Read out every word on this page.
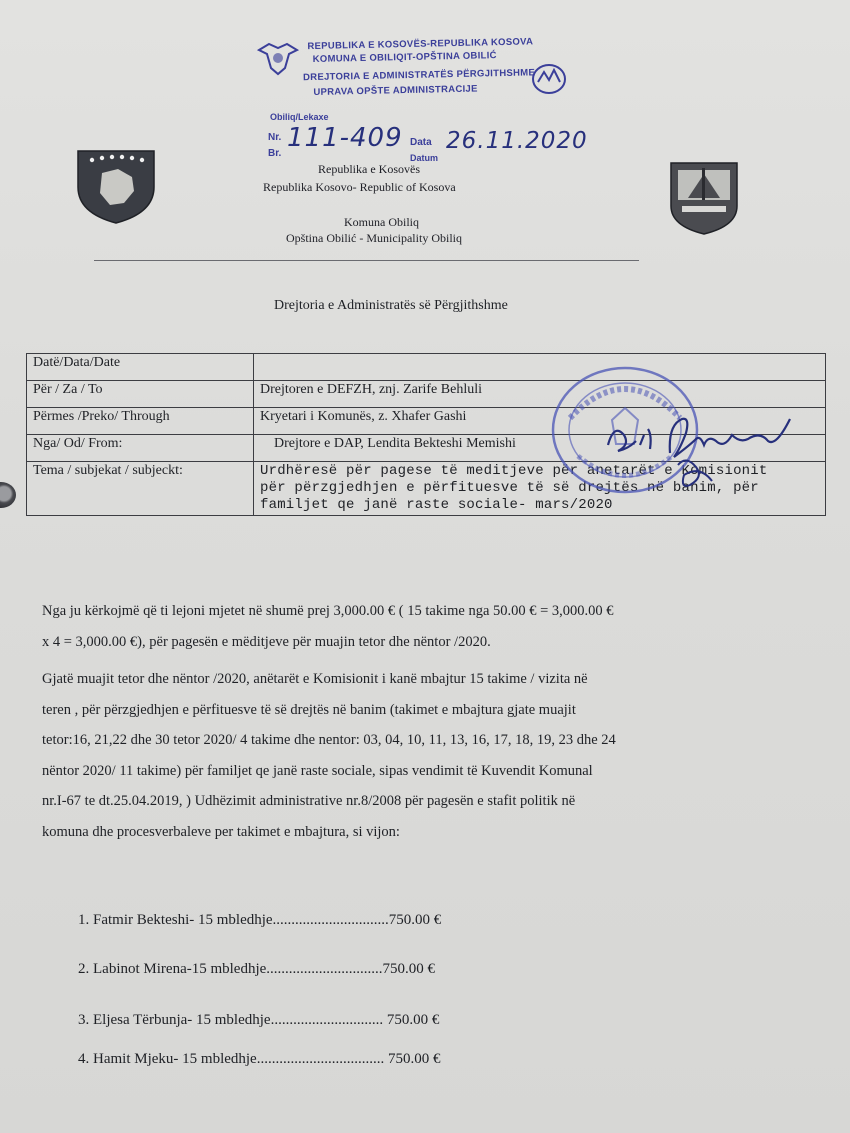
REPUBLIKA E KOSOVËS-REPUBLIKA KOSOVA
KOMUNA E OBILIQIT-OPŠTINA OBILIĆ
DREJTORIA E ADMINISTRATËS PËRGJITHSHME
UPRAVA OPŠTE ADMINISTRACIJE
Obiliq/Lekaxe
Nr.
Br.
111-409 Data
Datum
26.11.2020
Republika e Kosovës
Republika Kosovo- Republic of Kosova
Komuna Obiliq
Opština Obilić - Municipality Obiliq
Drejtoria e Administratës së Përgjithshme
Datë/Data/Date	
Për / Za / To	Drejtoren e DEFZH, znj. Zarife Behluli
Përmes /Preko/ Through	Kryetari i Komunës, z. Xhafer Gashi
Nga/ Od/ From:	Drejtore e DAP, Lendita Bekteshi Memishi
Tema / subjekat / subjeckt:	Urdhëresë për pagese të meditjeve për anetarët e Komisionit
për përzgjedhjen e përfituesve të së drejtës në banim, për
familjet qe janë raste sociale- mars/2020
Nga ju kërkojmë që ti lejoni mjetet në shumë prej 3,000.00 € ( 15 takime nga 50.00 € = 3,000.00 €
x 4 = 3,000.00 €), për pagesën e mëditjeve për muajin tetor dhe nëntor /2020.
Gjatë muajit tetor dhe nëntor /2020, anëtarët e Komisionit i kanë mbajtur 15 takime / vizita në
teren , për përzgjedhjen e përfituesve të së drejtës në banim (takimet e mbajtura gjate muajit
tetor:16, 21,22 dhe 30 tetor 2020/ 4 takime dhe nentor: 03, 04, 10, 11, 13, 16, 17, 18, 19, 23 dhe 24
nëntor 2020/ 11 takime) për familjet qe janë raste sociale, sipas vendimit të Kuvendit Komunal
nr.I-67 te dt.25.04.2019, ) Udhëzimit administrative nr.8/2008 për pagesën e stafit politik në
komuna dhe procesverbaleve per takimet e mbajtura, si vijon:
1. Fatmir Bekteshi- 15 mbledhje...............................750.00 €
2. Labinot Mirena-15 mbledhje...............................750.00 €
3. Eljesa Tërbunja- 15 mbledhje.............................. 750.00 €
4. Hamit Mjeku- 15 mbledhje.................................. 750.00 €
